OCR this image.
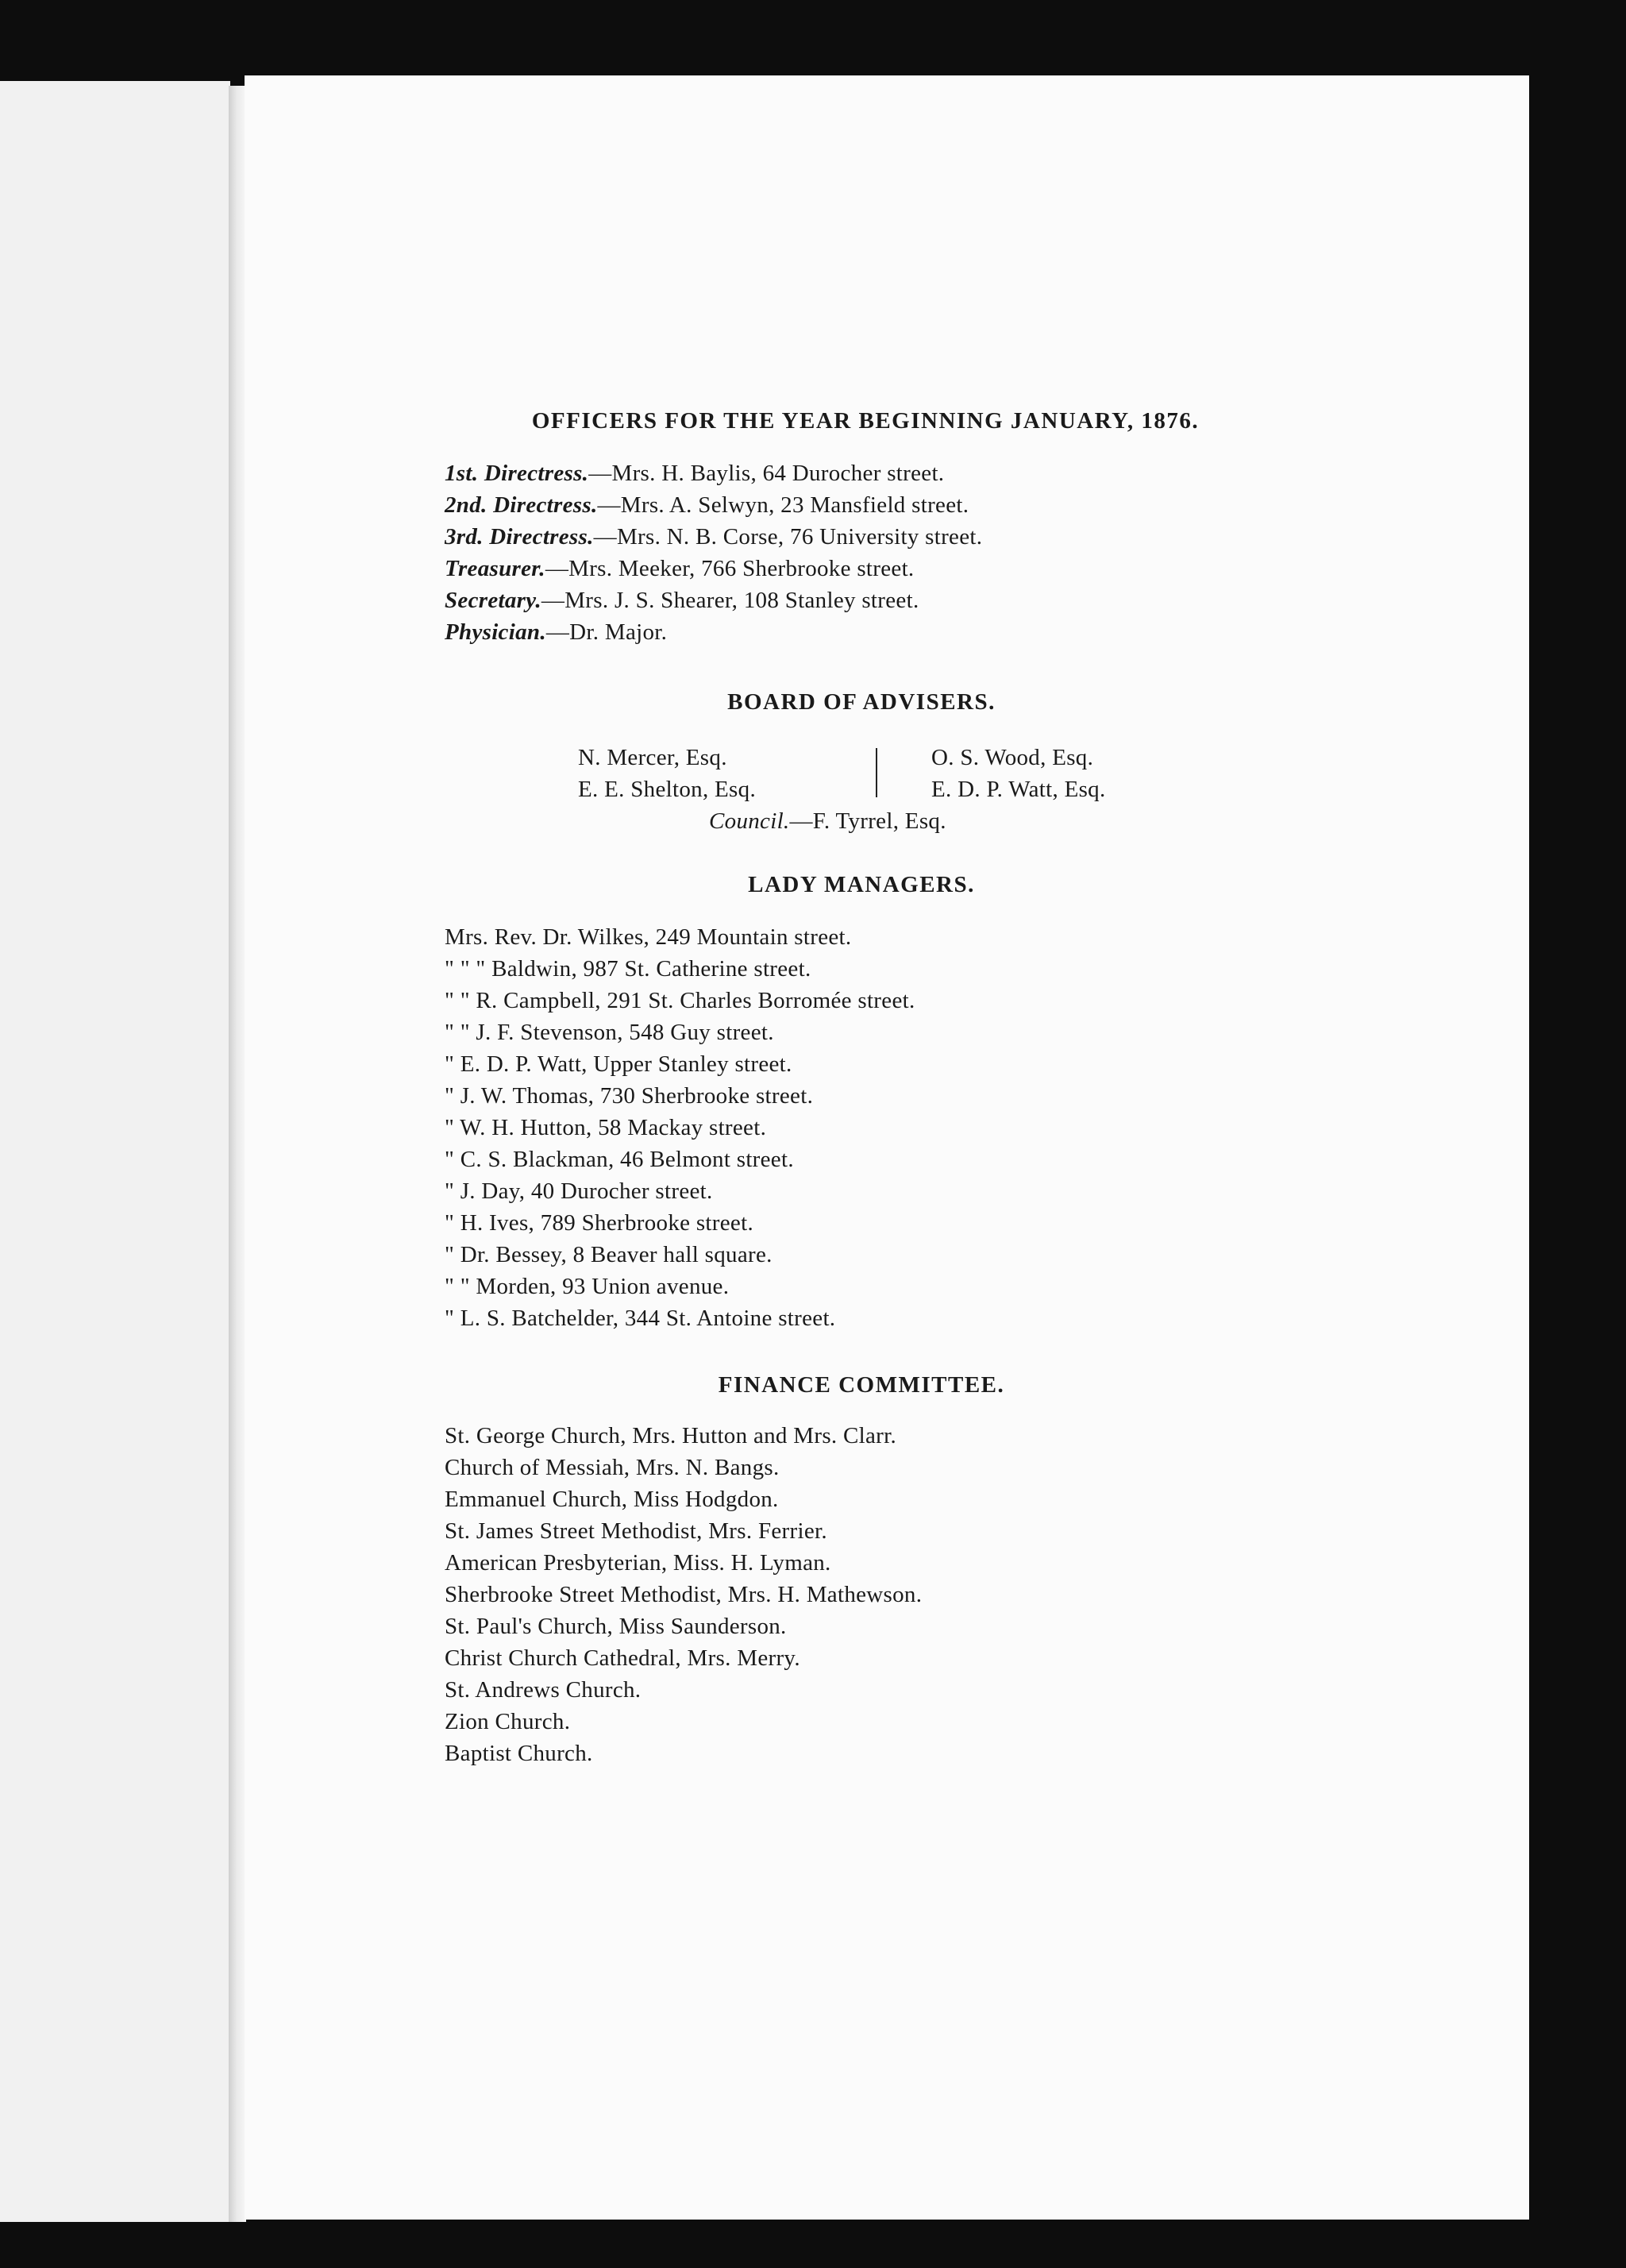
OFFICERS FOR THE YEAR BEGINNING JANUARY, 1876.
1st. Directress.—Mrs. H. Baylis, 64 Durocher street.
2nd. Directress.—Mrs. A. Selwyn, 23 Mansfield street.
3rd. Directress.—Mrs. N. B. Corse, 76 University street.
Treasurer.—Mrs. Meeker, 766 Sherbrooke street.
Secretary.—Mrs. J. S. Shearer, 108 Stanley street.
Physician.—Dr. Major.
BOARD OF ADVISERS.
N. Mercer, Esq.
E. E. Shelton, Esq.
O. S. Wood, Esq.
E. D. P. Watt, Esq.
Council.—F. Tyrrel, Esq.
LADY MANAGERS.
Mrs. Rev. Dr. Wilkes, 249 Mountain street.
" " " Baldwin, 987 St. Catherine street.
" " R. Campbell, 291 St. Charles Borromée street.
" " J. F. Stevenson, 548 Guy street.
" E. D. P. Watt, Upper Stanley street.
" J. W. Thomas, 730 Sherbrooke street.
" W. H. Hutton, 58 Mackay street.
" C. S. Blackman, 46 Belmont street.
" J. Day, 40 Durocher street.
" H. Ives, 789 Sherbrooke street.
" Dr. Bessey, 8 Beaver hall square.
" " Morden, 93 Union avenue.
" L. S. Batchelder, 344 St. Antoine street.
FINANCE COMMITTEE.
St. George Church, Mrs. Hutton and Mrs. Clarr.
Church of Messiah, Mrs. N. Bangs.
Emmanuel Church, Miss Hodgdon.
St. James Street Methodist, Mrs. Ferrier.
American Presbyterian, Miss. H. Lyman.
Sherbrooke Street Methodist, Mrs. H. Mathewson.
St. Paul's Church, Miss Saunderson.
Christ Church Cathedral, Mrs. Merry.
St. Andrews Church.
Zion Church.
Baptist Church.
